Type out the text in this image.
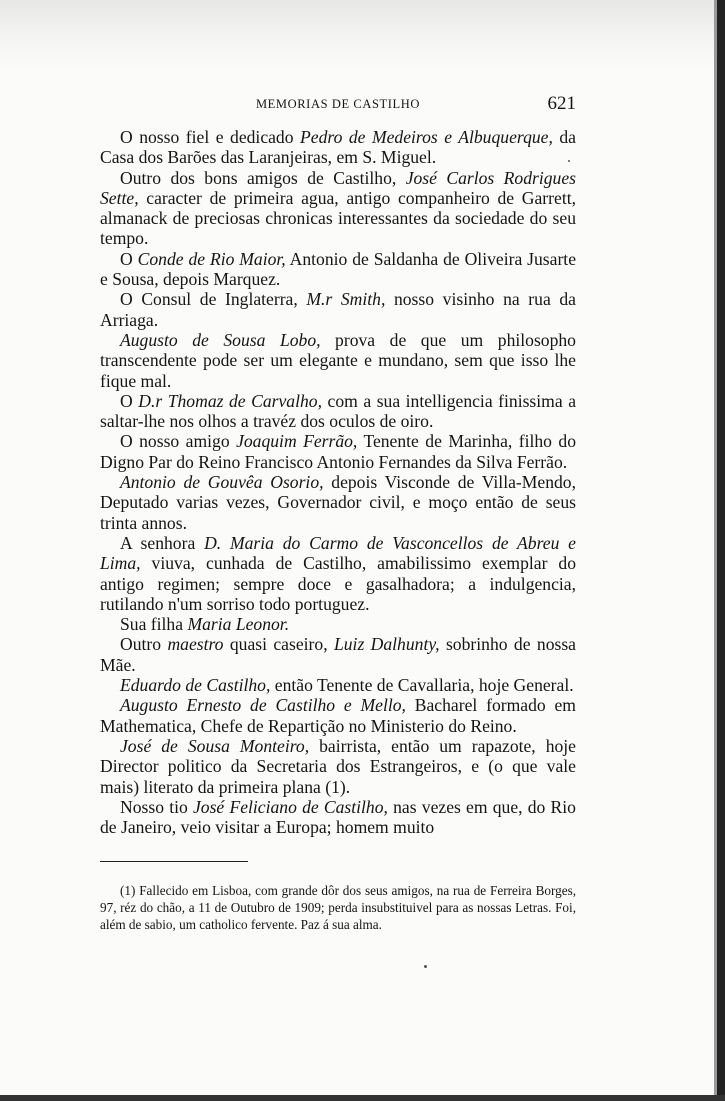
MEMORIAS DE CASTILHO	621

O nosso fiel e dedicado Pedro de Medeiros e Albuquerque, da Casa dos Barões das Laranjeiras, em S. Miguel.

Outro dos bons amigos de Castilho, José Carlos Rodrigues Sette, caracter de primeira agua, antigo companheiro de Garrett, almanack de preciosas chronicas interessantes da sociedade do seu tempo.

O Conde de Rio Maior, Antonio de Saldanha de Oliveira Jusarte e Sousa, depois Marquez.

O Consul de Inglaterra, M.r Smith, nosso visinho na rua da Arriaga.

Augusto de Sousa Lobo, prova de que um philosopho transcendente pode ser um elegante e mundano, sem que isso lhe fique mal.

O D.r Thomaz de Carvalho, com a sua intelligencia finissima a saltar-lhe nos olhos a travéz dos oculos de oiro.

O nosso amigo Joaquim Ferrão, Tenente de Marinha, filho do Digno Par do Reino Francisco Antonio Fernandes da Silva Ferrão.

Antonio de Gouvêa Osorio, depois Visconde de Villa-Mendo, Deputado varias vezes, Governador civil, e moço então de seus trinta annos.

A senhora D. Maria do Carmo de Vasconcellos de Abreu e Lima, viuva, cunhada de Castilho, amabilissimo exemplar do antigo regimen; sempre doce e gasalhadora; a indulgencia, rutilando n'um sorriso todo portuguez.

Sua filha Maria Leonor.

Outro maestro quasi caseiro, Luiz Dalhunty, sobrinho de nossa Mãe.

Eduardo de Castilho, então Tenente de Cavallaria, hoje General.

Augusto Ernesto de Castilho e Mello, Bacharel formado em Mathematica, Chefe de Repartição no Ministerio do Reino.

José de Sousa Monteiro, bairrista, então um rapazote, hoje Director politico da Secretaria dos Estrangeiros, e (o que vale mais) literato da primeira plana (1).

Nosso tio José Feliciano de Castilho, nas vezes em que, do Rio de Janeiro, veio visitar a Europa; homem muito

(1) Fallecido em Lisboa, com grande dôr dos seus amigos, na rua de Ferreira Borges, 97, réz do chão, a 11 de Outubro de 1909; perda insubstituivel para as nossas Letras. Foi, além de sabio, um catholico fervente. Paz á sua alma.
